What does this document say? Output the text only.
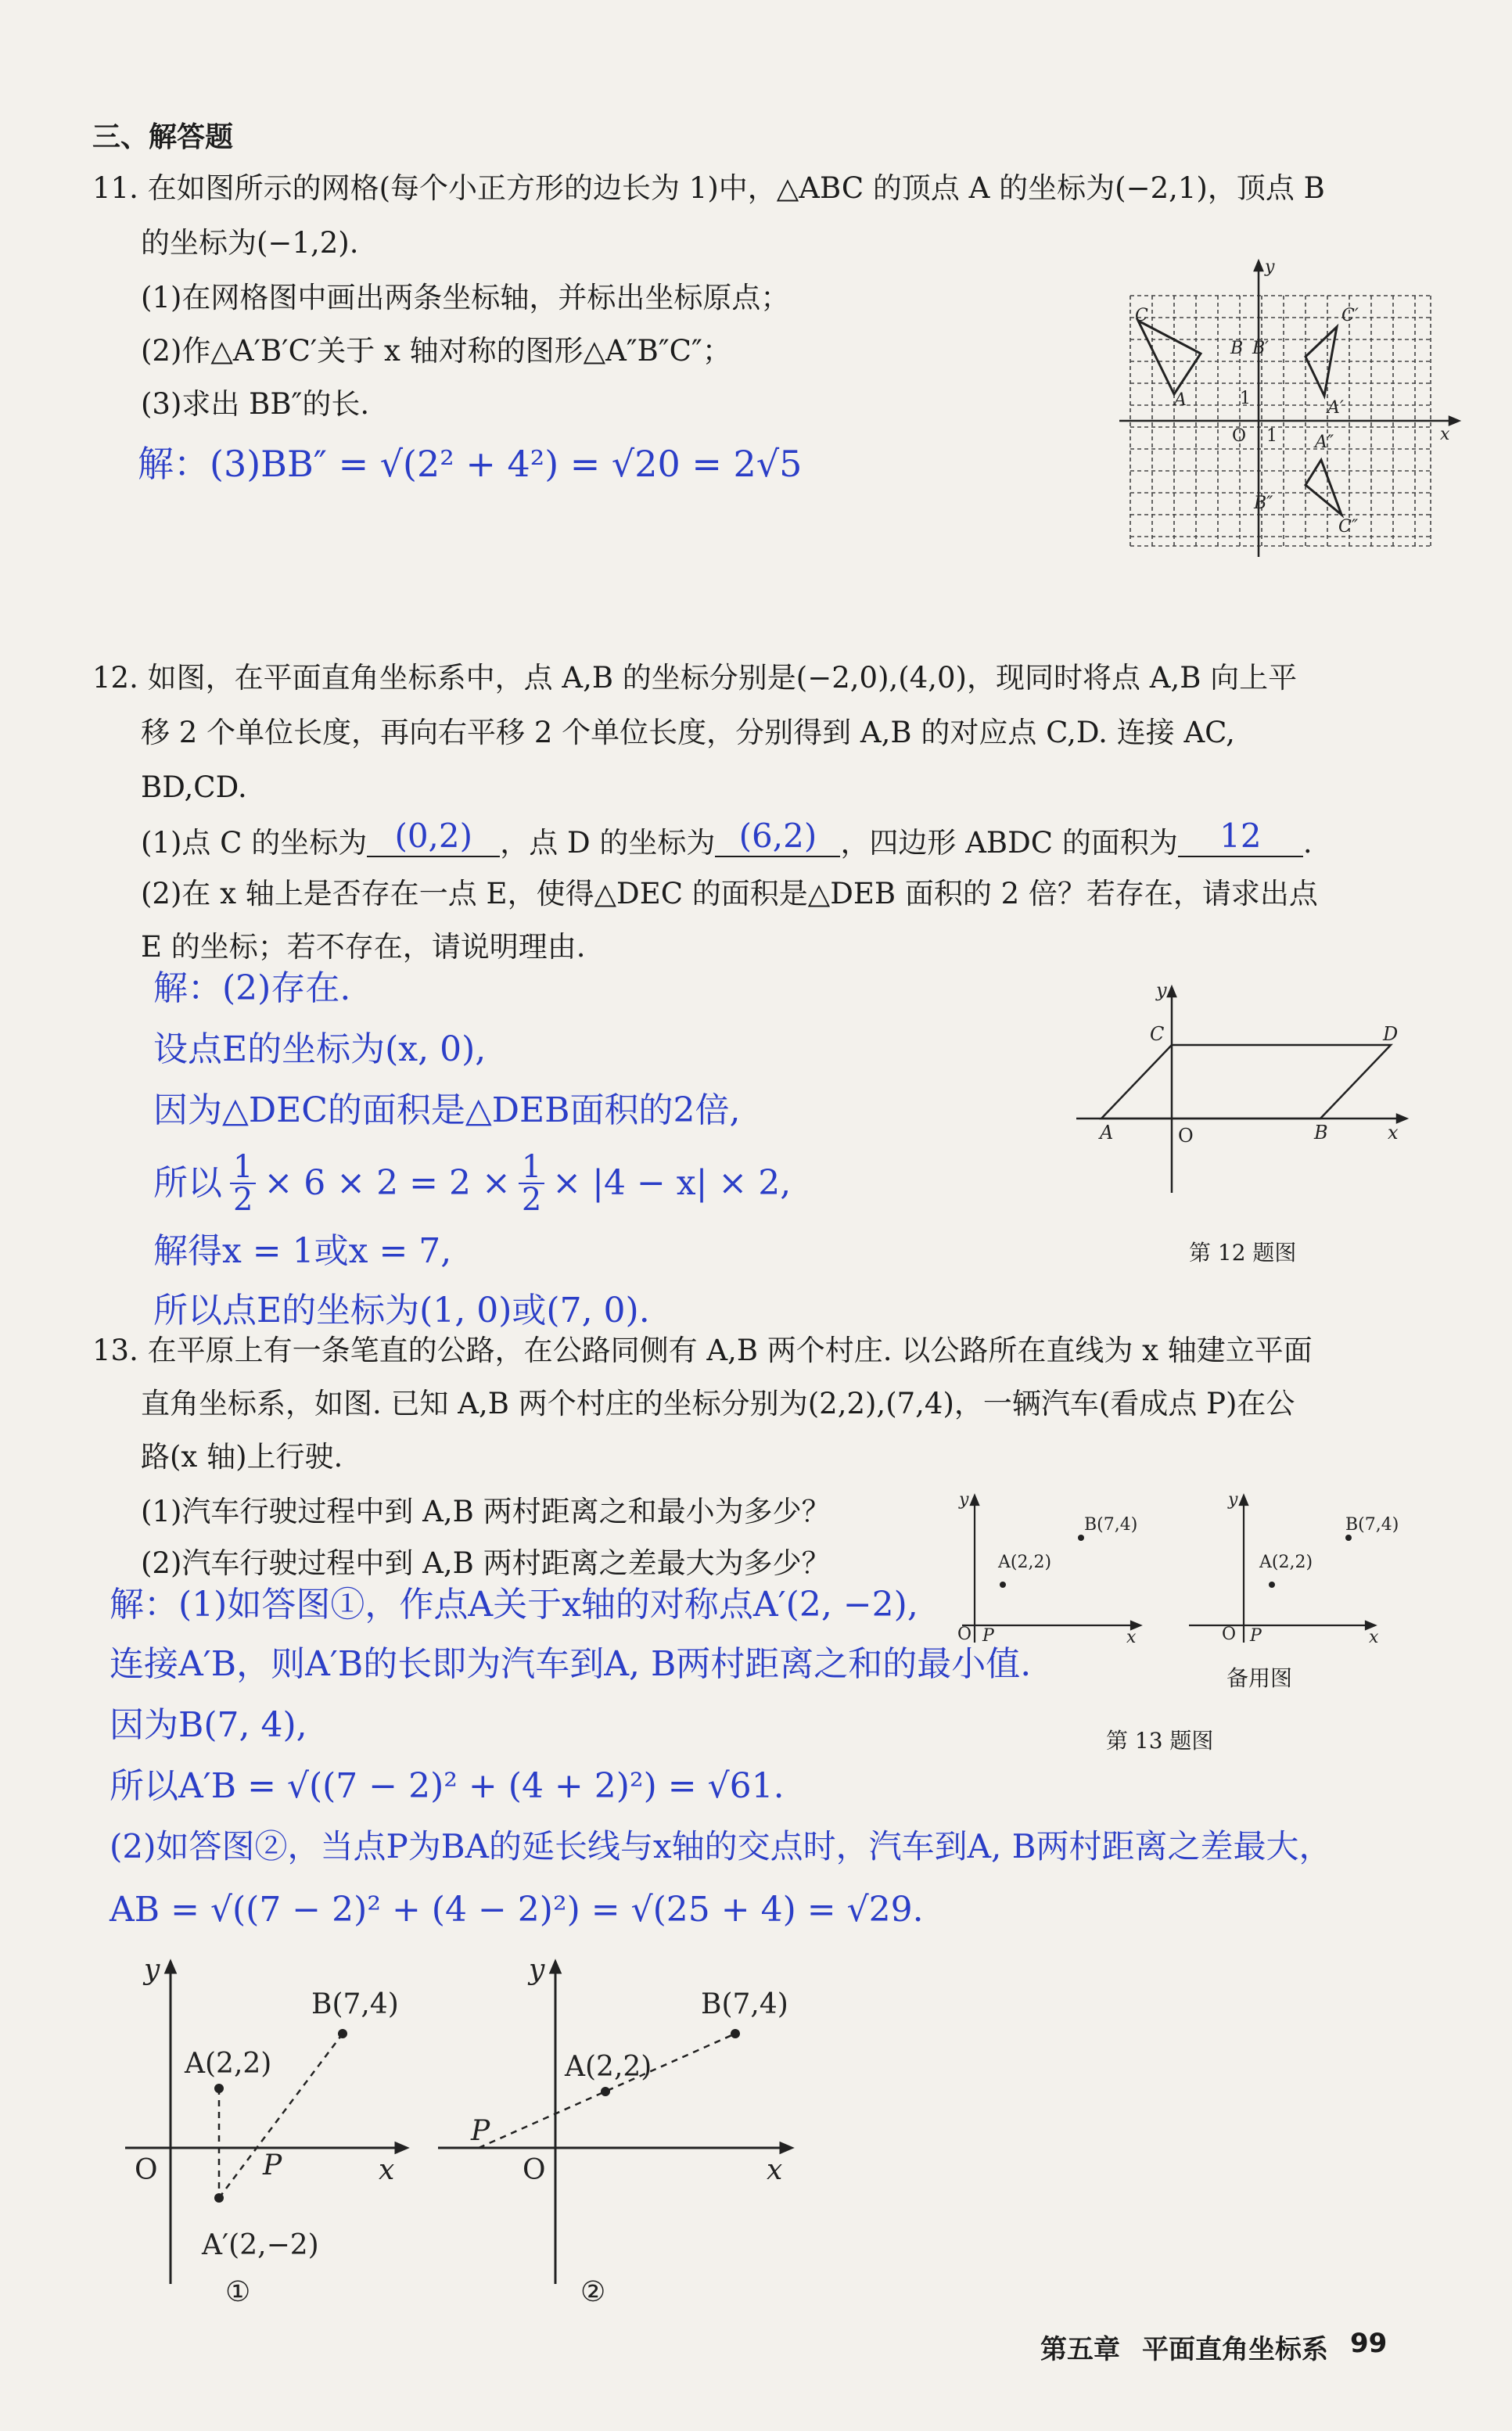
三、解答题
11. 在如图所示的网格(每个小正方形的边长为 1)中，△ABC 的顶点 A 的坐标为(−2,1)，顶点 B
的坐标为(−1,2).
(1)在网格图中画出两条坐标轴，并标出坐标原点；
(2)作△A′B′C′关于 x 轴对称的图形△A″B″C″；
(3)求出 BB″的长.
解：(3)BB″ = √(2² + 4²) = √20 = 2√5
C
B
A
B′
C′
A′
A″
B″
C″
O 1
1
x
y
12. 如图，在平面直角坐标系中，点 A,B 的坐标分别是(−2,0),(4,0)，现同时将点 A,B 向上平
移 2 个单位长度，再向右平移 2 个单位长度，分别得到 A,B 的对应点 C,D. 连接 AC,
BD,CD.
(1)点 C 的坐标为 (0,2) ，点 D 的坐标为 (6,2) ，四边形 ABDC 的面积为	12	.
(2)在 x 轴上是否存在一点 E，使得△DEC 的面积是△DEB 面积的 2 倍？若存在，请求出点
E 的坐标；若不存在，请说明理由.
解：(2)存在.
设点E的坐标为(x, 0),
因为△DEC的面积是△DEB面积的2倍,
所以 $\frac{1}{2} \times 6 \times 2 = 2 \times \frac{1}{2} \times |4 - x| \times 2$,
解得x = 1或x = 7,
所以点E的坐标为(1, 0)或(7, 0).
y
C	D
A	O	B	x
第 12 题图
13. 在平原上有一条笔直的公路，在公路同侧有 A,B 两个村庄. 以公路所在直线为 x 轴建立平面
直角坐标系，如图. 已知 A,B 两个村庄的坐标分别为(2,2),(7,4)，一辆汽车(看成点 P)在公
路(x 轴)上行驶.
(1)汽车行驶过程中到 A,B 两村距离之和最小为多少？
(2)汽车行驶过程中到 A,B 两村距离之差最大为多少？
y
A(2,2)
B(7,4)
O P	x
y
A(2,2)
B(7,4)
O P	x
备用图
第 13 题图
解：(1)如答图①，作点A关于x轴的对称点A′(2, −2),
连接A′B，则A′B的长即为汽车到A, B两村距离之和的最小值.
因为B(7, 4),
所以A′B = √((7 − 2)² + (4 + 2)²) = √61.
(2)如答图②，当点P为BA的延长线与x轴的交点时，汽车到A, B两村距离之差最大，
AB = √((7 − 2)² + (4 − 2)²) = √(25 + 4) = √29.
y
A(2,2)
B(7,4)
O	P	x
A′(2,−2)
①
y
A(2,2)
B(7,4)
P
O	x
②
第五章 平面直角坐标系 99
